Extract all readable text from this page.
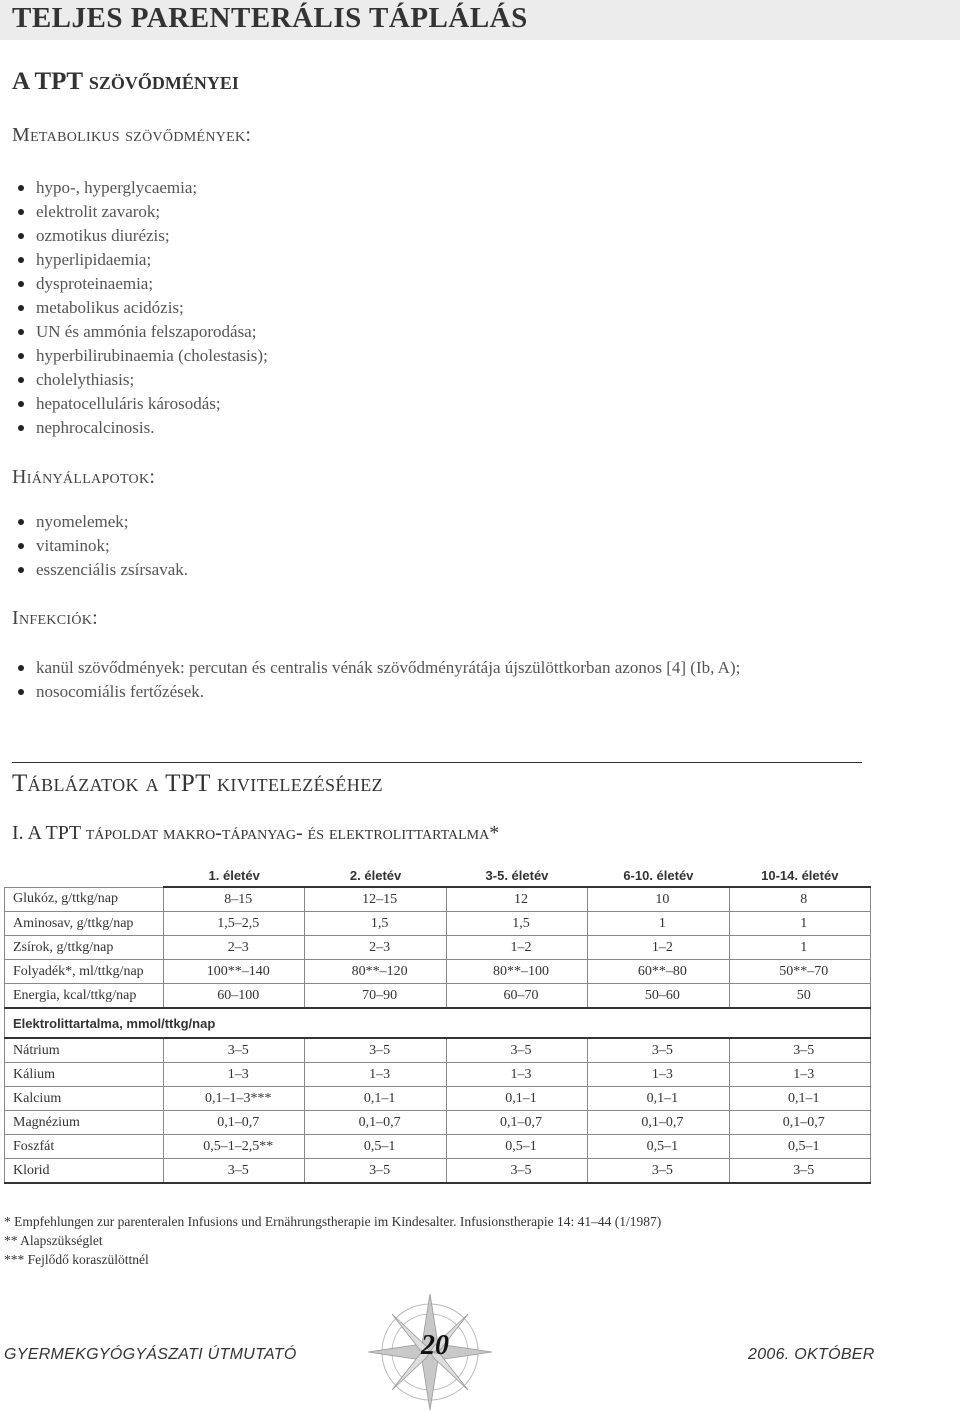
TELJES PARENTERÁLIS TÁPLÁLÁS
A TPT szövődményei
Metabolikus szövődmények:
hypo-, hyperglycaemia;
elektrolit zavarok;
ozmotikus diurézis;
hyperlipidaemia;
dysproteinaemia;
metabolikus acidózis;
UN és ammónia felszaporodása;
hyperbilirubinaemia (cholestasis);
cholelythiasis;
hepatocelluláris károsodás;
nephrocalcinosis.
Hiányállapotok:
nyomelemek;
vitaminok;
esszenciális zsírsavak.
Infekciók:
kanül szövődmények: percutan és centralis vénák szövődményrátája újszülöttkorban azonos [4] (Ib, A);
nosocomiális fertőzések.
Táblázatok a TPT kivitelezéséhez
I. A TPT tápoldat makro-tápanyag- és elektrolittartalma*
	1. életév	2. életév	3-5. életév	6-10. életév	10-14. életév
Glukóz, g/ttkg/nap	8–15	12–15	12	10	8
Aminosav, g/ttkg/nap	1,5–2,5	1,5	1,5	1	1
Zsírok, g/ttkg/nap	2–3	2–3	1–2	1–2	1
Folyadék*, ml/ttkg/nap	100**–140	80**–120	80**–100	60**–80	50**–70
Energia, kcal/ttkg/nap	60–100	70–90	60–70	50–60	50
Elektrolittartalma, mmol/ttkg/nap					
Nátrium	3–5	3–5	3–5	3–5	3–5
Kálium	1–3	1–3	1–3	1–3	1–3
Kalcium	0,1–1–3***	0,1–1	0,1–1	0,1–1	0,1–1
Magnézium	0,1–0,7	0,1–0,7	0,1–0,7	0,1–0,7	0,1–0,7
Foszfát	0,5–1–2,5**	0,5–1	0,5–1	0,5–1	0,5–1
Klorid	3–5	3–5	3–5	3–5	3–5
* Empfehlungen zur parenteralen Infusions und Ernährungstherapie im Kindesalter. Infusionstherapie 14: 41–44 (1/1987)
** Alapszükséglet
*** Fejlődő koraszülöttnél
GYERMEKGYÓGYÁSZATI ÚTMUTATÓ	20	2006. OKTÓBER
